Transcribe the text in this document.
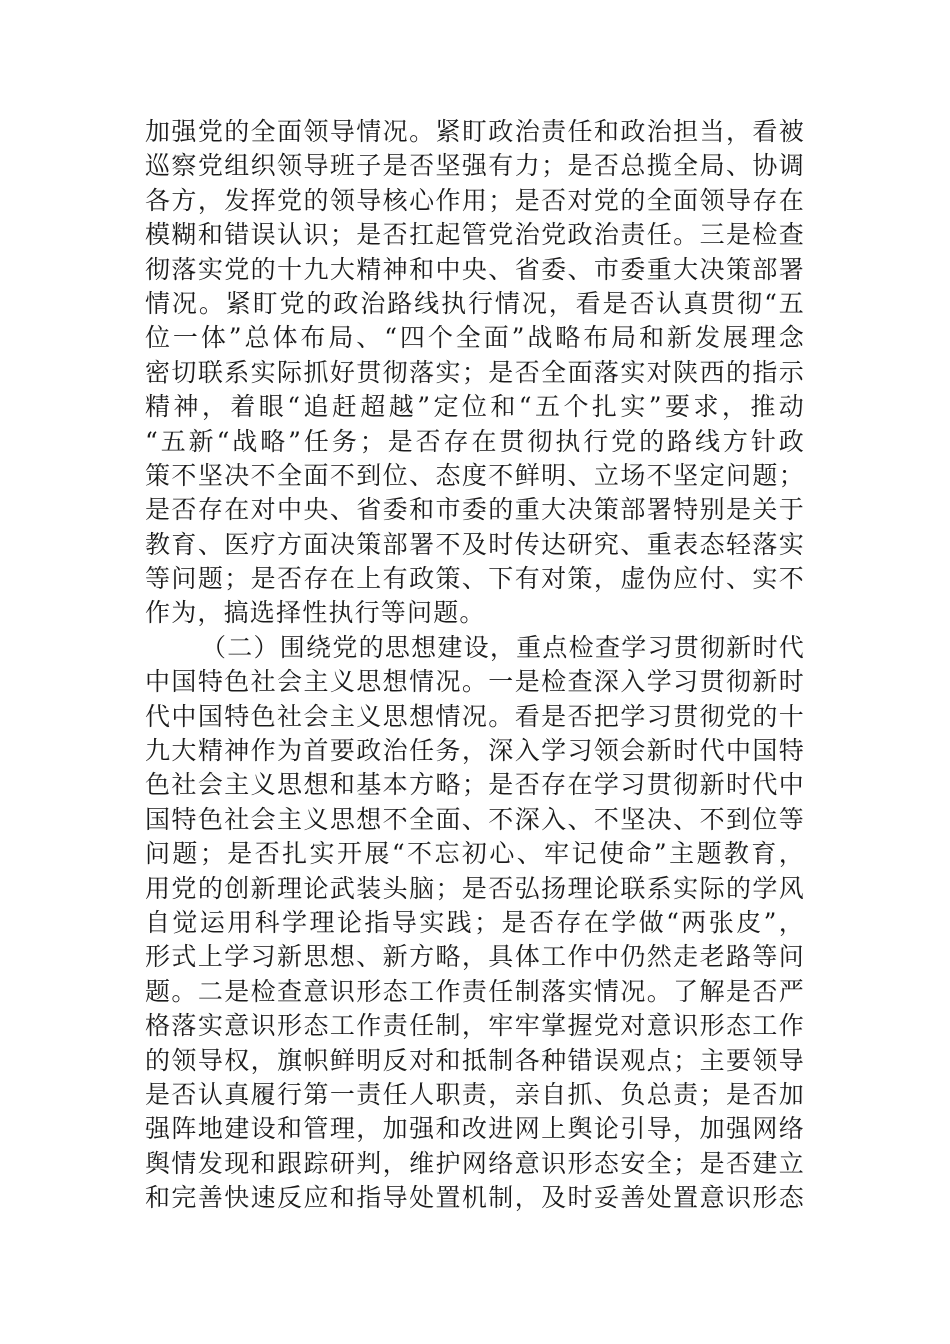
加强党的全面领导情况。紧盯政治责任和政治担当，看被
巡察党组织领导班子是否坚强有力；是否总揽全局、协调
各方，发挥党的领导核心作用；是否对党的全面领导存在
模糊和错误认识；是否扛起管党治党政治责任。三是检查
彻落实党的十九大精神和中央、省委、市委重大决策部署
情况。紧盯党的政治路线执行情况，看是否认真贯彻“五
位一体”总体布局、“四个全面”战略布局和新发展理念
密切联系实际抓好贯彻落实；是否全面落实对陕西的指示
精神，着眼“追赶超越”定位和“五个扎实”要求，推动
“五新“战略”任务；是否存在贯彻执行党的路线方针政
策不坚决不全面不到位、态度不鲜明、立场不坚定问题；
是否存在对中央、省委和市委的重大决策部署特别是关于
教育、医疗方面决策部署不及时传达研究、重表态轻落实
等问题；是否存在上有政策、下有对策，虚伪应付、实不
作为，搞选择性执行等问题。
（二）围绕党的思想建设，重点检查学习贯彻新时代
中国特色社会主义思想情况。一是检查深入学习贯彻新时
代中国特色社会主义思想情况。看是否把学习贯彻党的十
九大精神作为首要政治任务，深入学习领会新时代中国特
色社会主义思想和基本方略；是否存在学习贯彻新时代中
国特色社会主义思想不全面、不深入、不坚决、不到位等
问题；是否扎实开展“不忘初心、牢记使命”主题教育，
用党的创新理论武装头脑；是否弘扬理论联系实际的学风
自觉运用科学理论指导实践；是否存在学做“两张皮”，
形式上学习新思想、新方略，具体工作中仍然走老路等问
题。二是检查意识形态工作责任制落实情况。了解是否严
格落实意识形态工作责任制，牢牢掌握党对意识形态工作
的领导权，旗帜鲜明反对和抵制各种错误观点；主要领导
是否认真履行第一责任人职责，亲自抓、负总责；是否加
强阵地建设和管理，加强和改进网上舆论引导，加强网络
舆情发现和跟踪研判，维护网络意识形态安全；是否建立
和完善快速反应和指导处置机制，及时妥善处置意识形态
